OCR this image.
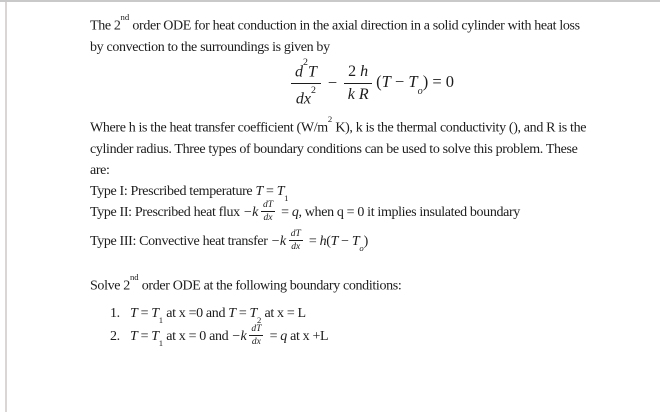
The 2nd order ODE for heat conduction in the axial direction in a solid cylinder with heat loss
by convection to the surroundings is given by
$\frac{d^2T}{dx^2} - \frac{2 h}{\text{k R}} (T - T_o) = 0$
Where h is the heat transfer coefficient ($W/m^2$ K), k is the thermal conductivity (), and R is the
cylinder radius. Three types of boundary conditions can be used to solve this problem. These
are:
Type I: Prescribed temperature $T = T_1$
Type II: Prescribed heat flux $-k \frac{dT}{dx} = q$, when q = 0 it implies insulated boundary
Type III: Convective heat transfer $-k \frac{dT}{dx} = h(T - T_o)$
Solve 2nd order ODE at the following boundary conditions:
1. $T = T_1$ at x =0 and $T = T_2$ at x = L
2. $T = T_1$ at x = 0 and $-k \frac{dT}{dx} = q$ at x +L
